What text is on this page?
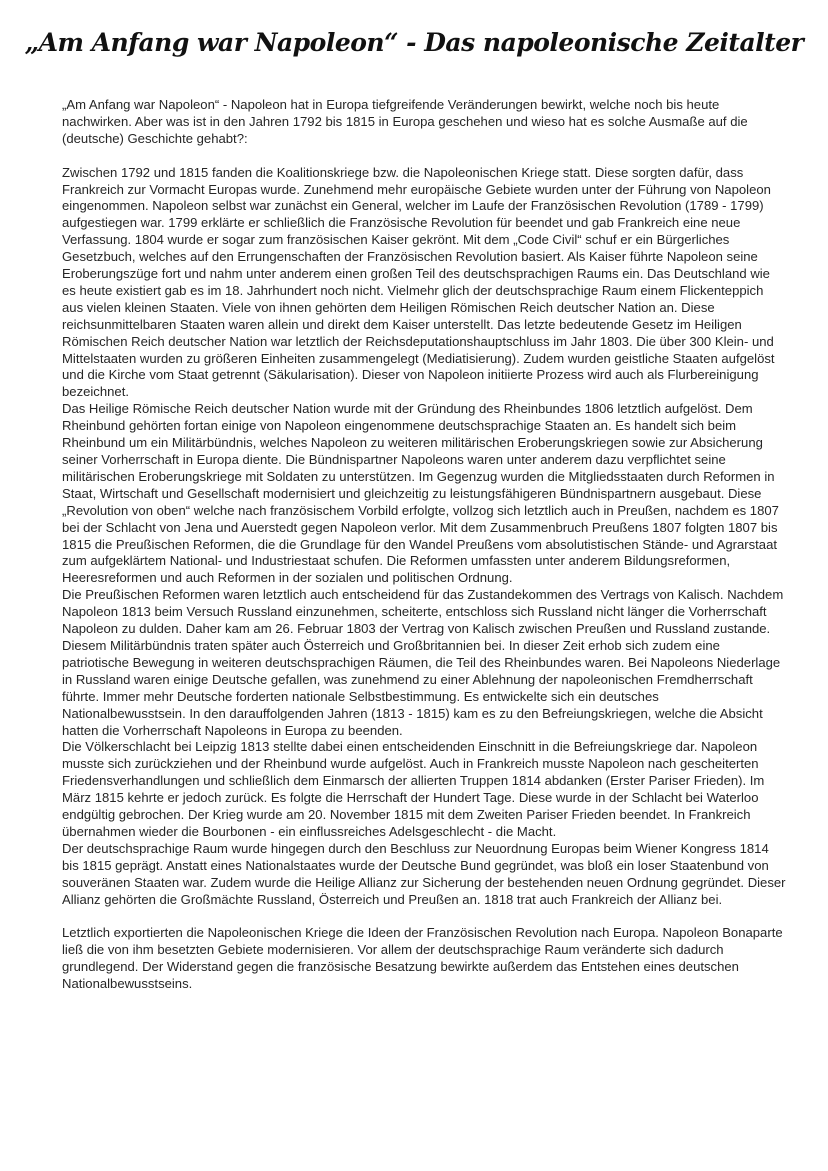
„Am Anfang war Napoleon“ - Das napoleonische Zeitalter

„Am Anfang war Napoleon“ - Napoleon hat in Europa tiefgreifende Veränderungen bewirkt, welche noch bis heute nachwirken. Aber was ist in den Jahren 1792 bis 1815 in Europa geschehen und wieso hat es solche Ausmaße auf die (deutsche) Geschichte gehabt?:

Zwischen 1792 und 1815 fanden die Koalitionskriege bzw. die Napoleonischen Kriege statt. Diese sorgten dafür, dass Frankreich zur Vormacht Europas wurde. Zunehmend mehr europäische Gebiete wurden unter der Führung von Napoleon eingenommen. Napoleon selbst war zunächst ein General, welcher im Laufe der Französischen Revolution (1789 - 1799) aufgestiegen war. 1799 erklärte er schließlich die Französische Revolution für beendet und gab Frankreich eine neue Verfassung. 1804 wurde er sogar zum französischen Kaiser gekrönt. Mit dem „Code Civil“ schuf er ein Bürgerliches Gesetzbuch, welches auf den Errungenschaften der Französischen Revolution basiert. Als Kaiser führte Napoleon seine Eroberungszüge fort und nahm unter anderem einen großen Teil des deutschsprachigen Raums ein. Das Deutschland wie es heute existiert gab es im 18. Jahrhundert noch nicht. Vielmehr glich der deutschsprachige Raum einem Flickenteppich aus vielen kleinen Staaten. Viele von ihnen gehörten dem Heiligen Römischen Reich deutscher Nation an. Diese reichsunmittelbaren Staaten waren allein und direkt dem Kaiser unterstellt. Das letzte bedeutende Gesetz im Heiligen Römischen Reich deutscher Nation war letztlich der Reichsdeputationshauptschluss im Jahr 1803. Die über 300 Klein- und Mittelstaaten wurden zu größeren Einheiten zusammengelegt (Mediatisierung). Zudem wurden geistliche Staaten aufgelöst und die Kirche vom Staat getrennt (Säkularisation). Dieser von Napoleon initiierte Prozess wird auch als Flurbereinigung bezeichnet.

Das Heilige Römische Reich deutscher Nation wurde mit der Gründung des Rheinbundes 1806 letztlich aufgelöst. Dem Rheinbund gehörten fortan einige von Napoleon eingenommene deutschsprachige Staaten an. Es handelt sich beim Rheinbund um ein Militärbündnis, welches Napoleon zu weiteren militärischen Eroberungskriegen sowie zur Absicherung seiner Vorherrschaft in Europa diente. Die Bündnispartner Napoleons waren unter anderem dazu verpflichtet seine militärischen Eroberungskriege mit Soldaten zu unterstützen. Im Gegenzug wurden die Mitgliedsstaaten durch Reformen in Staat, Wirtschaft und Gesellschaft modernisiert und gleichzeitig zu leistungsfähigeren Bündnispartnern ausgebaut. Diese „Revolution von oben“ welche nach französischem Vorbild erfolgte, vollzog sich letztlich auch in Preußen, nachdem es 1807 bei der Schlacht von Jena und Auerstedt gegen Napoleon verlor. Mit dem Zusammenbruch Preußens 1807 folgten 1807 bis 1815 die Preußischen Reformen, die die Grundlage für den Wandel Preußens vom absolutistischen Stände- und Agrarstaat zum aufgeklärtem National- und Industriestaat schufen. Die Reformen umfassten unter anderem Bildungsreformen, Heeresreformen und auch Reformen in der sozialen und politischen Ordnung.

Die Preußischen Reformen waren letztlich auch entscheidend für das Zustandekommen des Vertrags von Kalisch. Nachdem Napoleon 1813 beim Versuch Russland einzunehmen, scheiterte, entschloss sich Russland nicht länger die Vorherrschaft Napoleon zu dulden. Daher kam am 26. Februar 1803 der Vertrag von Kalisch zwischen Preußen und Russland zustande. Diesem Militärbündnis traten später auch Österreich und Großbritannien bei. In dieser Zeit erhob sich zudem eine patriotische Bewegung in weiteren deutschsprachigen Räumen, die Teil des Rheinbundes waren. Bei Napoleons Niederlage in Russland waren einige Deutsche gefallen, was zunehmend zu einer Ablehnung der napoleonischen Fremdherrschaft führte. Immer mehr Deutsche forderten nationale Selbstbestimmung. Es entwickelte sich ein deutsches Nationalbewusstsein. In den darauffolgenden Jahren (1813 - 1815) kam es zu den Befreiungskriegen, welche die Absicht hatten die Vorherrschaft Napoleons in Europa zu beenden.

Die Völkerschlacht bei Leipzig 1813 stellte dabei einen entscheidenden Einschnitt in die Befreiungskriege dar. Napoleon musste sich zurückziehen und der Rheinbund wurde aufgelöst. Auch in Frankreich musste Napoleon nach gescheiterten Friedensverhandlungen und schließlich dem Einmarsch der allierten Truppen 1814 abdanken (Erster Pariser Frieden). Im März 1815 kehrte er jedoch zurück. Es folgte die Herrschaft der Hundert Tage. Diese wurde in der Schlacht bei Waterloo endgültig gebrochen. Der Krieg wurde am 20. November 1815 mit dem Zweiten Pariser Frieden beendet. In Frankreich übernahmen wieder die Bourbonen - ein einflussreiches Adelsgeschlecht - die Macht.

Der deutschsprachige Raum wurde hingegen durch den Beschluss zur Neuordnung Europas beim Wiener Kongress 1814 bis 1815 geprägt. Anstatt eines Nationalstaates wurde der Deutsche Bund gegründet, was bloß ein loser Staatenbund von souveränen Staaten war. Zudem wurde die Heilige Allianz zur Sicherung der bestehenden neuen Ordnung gegründet. Dieser Allianz gehörten die Großmächte Russland, Österreich und Preußen an. 1818 trat auch Frankreich der Allianz bei.

Letztlich exportierten die Napoleonischen Kriege die Ideen der Französischen Revolution nach Europa. Napoleon Bonaparte ließ die von ihm besetzten Gebiete modernisieren. Vor allem der deutschsprachige Raum veränderte sich dadurch grundlegend. Der Widerstand gegen die französische Besatzung bewirkte außerdem das Entstehen eines deutschen Nationalbewusstseins.
